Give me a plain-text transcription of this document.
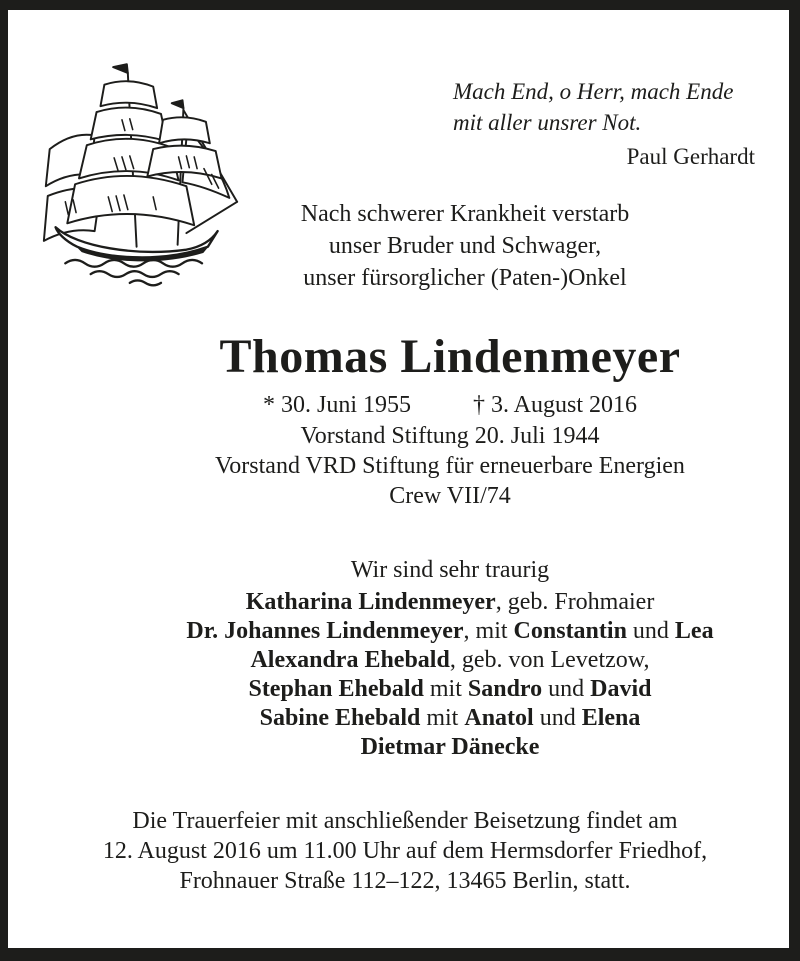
Mach End, o Herr, mach Ende
mit aller unsrer Not.
Paul Gerhardt
Nach schwerer Krankheit verstarb
unser Bruder und Schwager,
unser fürsorglicher (Paten-)Onkel
Thomas Lindenmeyer
* 30. Juni 1955	† 3. August 2016
Vorstand Stiftung 20. Juli 1944
Vorstand VRD Stiftung für erneuerbare Energien
Crew VII/74
Wir sind sehr traurig
Katharina Lindenmeyer, geb. Frohmaier
Dr. Johannes Lindenmeyer, mit Constantin und Lea
Alexandra Ehebald, geb. von Levetzow,
Stephan Ehebald mit Sandro und David
Sabine Ehebald mit Anatol und Elena
Dietmar Dänecke
Die Trauerfeier mit anschließender Beisetzung findet am
12. August 2016 um 11.00 Uhr auf dem Hermsdorfer Friedhof,
Frohnauer Straße 112–122, 13465 Berlin, statt.
